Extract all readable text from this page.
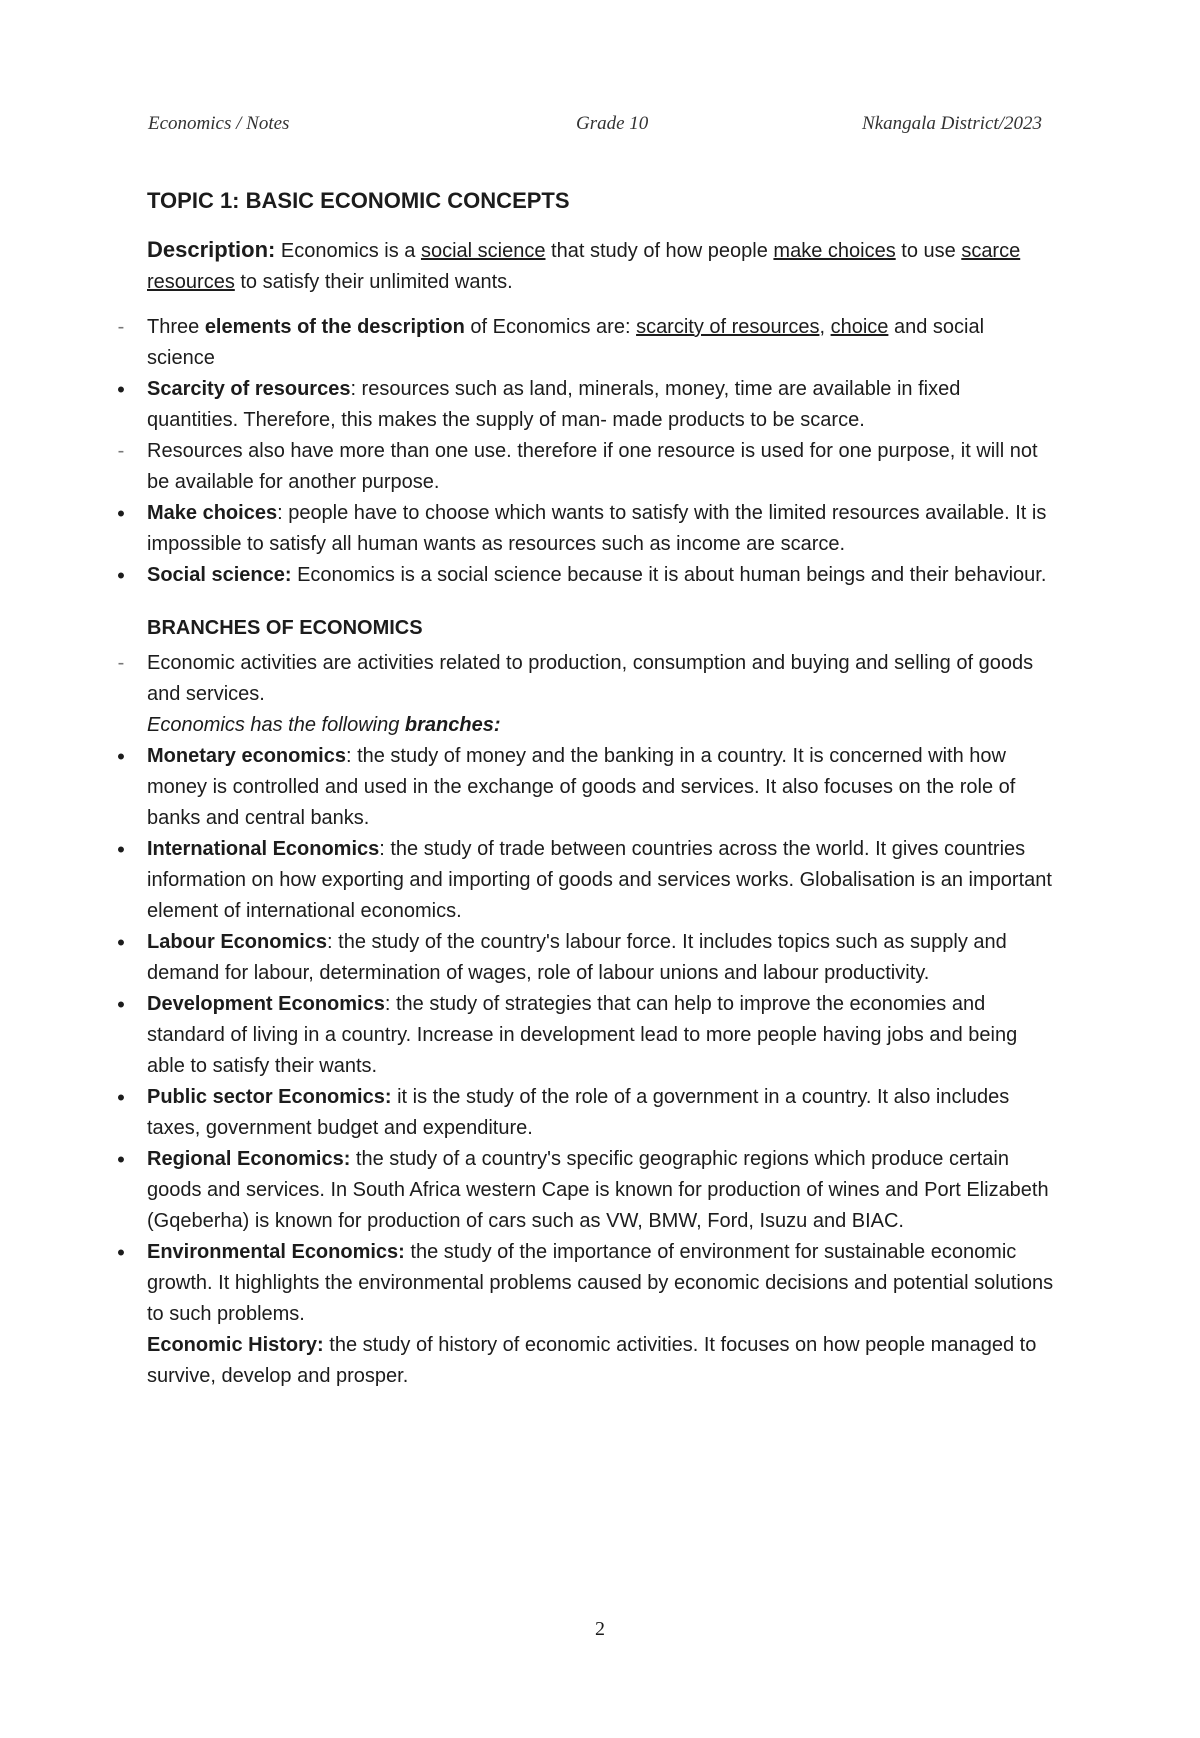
Economics / Notes	Grade 10	Nkangala District/2023
TOPIC 1: BASIC ECONOMIC CONCEPTS

Description: Economics is a social science that study of how people make choices to use scarce resources to satisfy their unlimited wants.

-	Three elements of the description of Economics are: scarcity of resources, choice and social science
•	Scarcity of resources: resources such as land, minerals, money, time are available in fixed quantities. Therefore, this makes the supply of man- made products to be scarce.
-	Resources also have more than one use. therefore if one resource is used for one purpose, it will not be available for another purpose.
•	Make choices: people have to choose which wants to satisfy with the limited resources available. It is impossible to satisfy all human wants as resources such as income are scarce.
•	Social science: Economics is a social science because it is about human beings and their behaviour.
BRANCHES OF ECONOMICS
-	Economic activities are activities related to production, consumption and buying and selling of goods and services.

Economics has the following branches:

•	Monetary economics: the study of money and the banking in a country. It is concerned with how money is controlled and used in the exchange of goods and services. It also focuses on the role of banks and central banks.
•	International Economics: the study of trade between countries across the world. It gives countries information on how exporting and importing of goods and services works. Globalisation is an important element of international economics.
•	Labour Economics: the study of the country's labour force. It includes topics such as supply and demand for labour, determination of wages, role of labour unions and labour productivity.
•	Development Economics: the study of strategies that can help to improve the economies and standard of living in a country. Increase in development lead to more people having jobs and being able to satisfy their wants.
•	Public sector Economics: it is the study of the role of a government in a country. It also includes taxes, government budget and expenditure.
•	Regional Economics: the study of a country's specific geographic regions which produce certain goods and services. In South Africa western Cape is known for production of wines and Port Elizabeth (Gqeberha) is known for production of cars such as VW, BMW, Ford, Isuzu and BIAC.
•	Environmental Economics: the study of the importance of environment for sustainable economic growth. It highlights the environmental problems caused by economic decisions and potential solutions to such problems.

Economic History: the study of history of economic activities. It focuses on how people managed to survive, develop and prosper.

2
